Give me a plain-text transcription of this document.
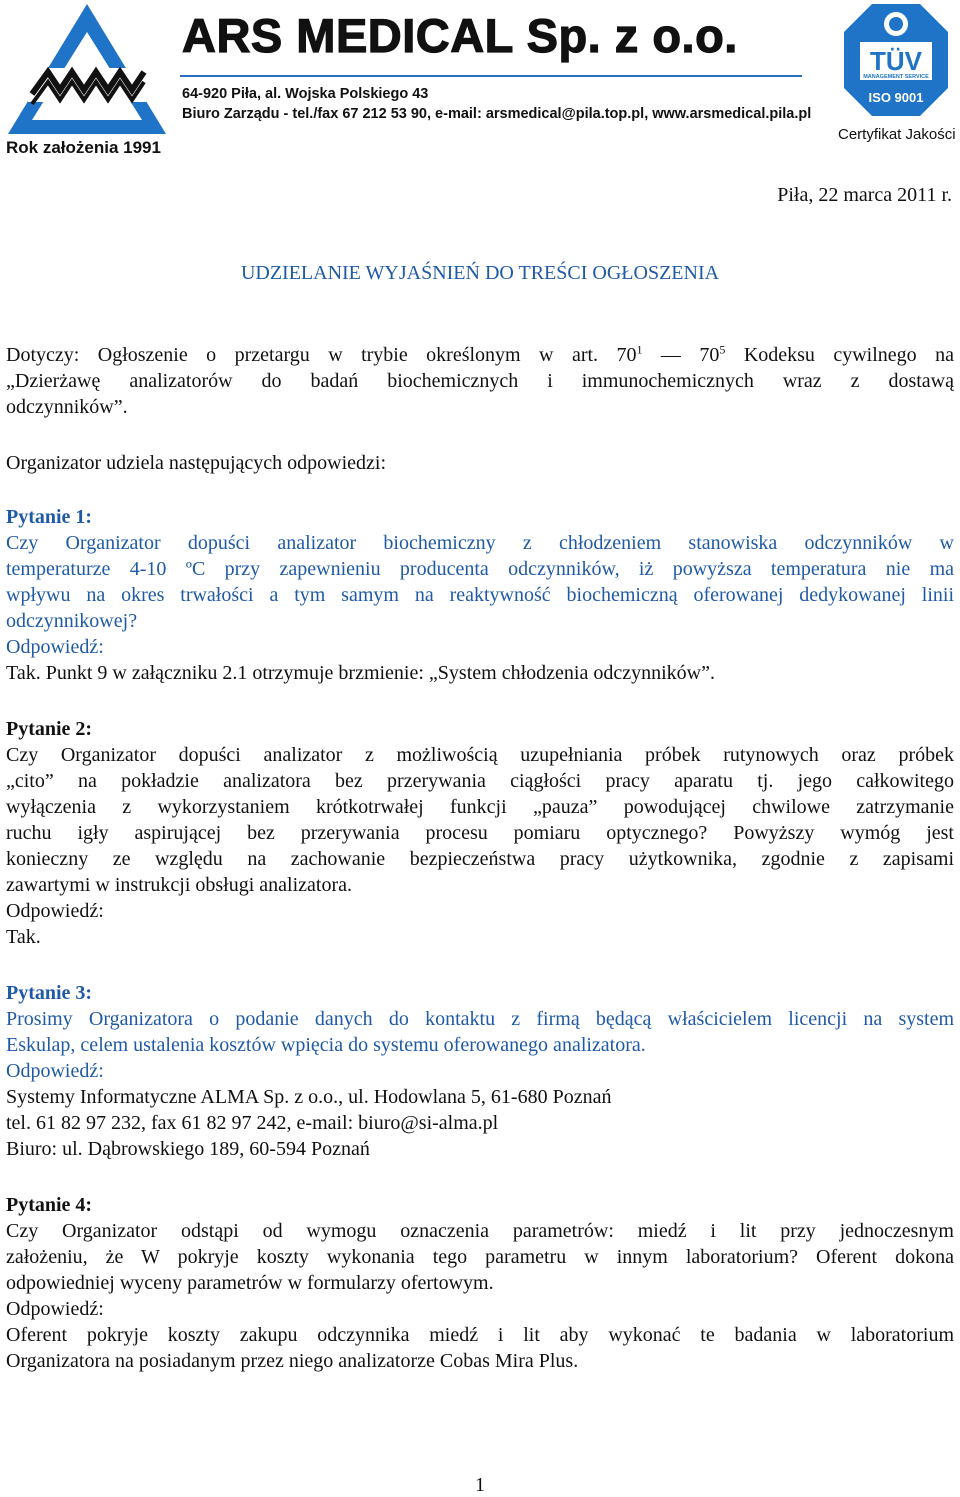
Rok założenia 1991
ARS MEDICAL Sp. z o.o.
64-920 Piła, al. Wojska Polskiego 43
Biuro Zarządu - tel./fax 67 212 53 90, e-mail: arsmedical@pila.top.pl, www.arsmedical.pila.pl
TÜV
MANAGEMENT SERVICE
ISO 9001
Certyfikat Jakości
Piła, 22 marca 2011 r.
UDZIELANIE WYJAŚNIEŃ DO TREŚCI OGŁOSZENIA
Dotyczy: Ogłoszenie o przetargu w trybie określonym w art. $70^1$ — $70^5$ Kodeksu cywilnego na
„Dzierżawę analizatorów do badań biochemicznych i immunochemicznych wraz z dostawą
odczynników”.
Organizator udziela następujących odpowiedzi:
Pytanie 1:
Czy Organizator dopuści analizator biochemiczny z chłodzeniem stanowiska odczynników w
temperaturze 4-10 ºC przy zapewnieniu producenta odczynników, iż powyższa temperatura nie ma
wpływu na okres trwałości a tym samym na reaktywność biochemiczną oferowanej dedykowanej linii
odczynnikowej?
Odpowiedź:
Tak. Punkt 9 w załączniku 2.1 otrzymuje brzmienie: „System chłodzenia odczynników”.
Pytanie 2:
Czy Organizator dopuści analizator z możliwością uzupełniania próbek rutynowych oraz próbek
„cito” na pokładzie analizatora bez przerywania ciągłości pracy aparatu tj. jego całkowitego
wyłączenia z wykorzystaniem krótkotrwałej funkcji „pauza” powodującej chwilowe zatrzymanie
ruchu igły aspirującej bez przerywania procesu pomiaru optycznego? Powyższy wymóg jest
konieczny ze względu na zachowanie bezpieczeństwa pracy użytkownika, zgodnie z zapisami
zawartymi w instrukcji obsługi analizatora.
Odpowiedź:
Tak.
Pytanie 3:
Prosimy Organizatora o podanie danych do kontaktu z firmą będącą właścicielem licencji na system
Eskulap, celem ustalenia kosztów wpięcia do systemu oferowanego analizatora.
Odpowiedź:
Systemy Informatyczne ALMA Sp. z o.o., ul. Hodowlana 5, 61-680 Poznań
tel. 61 82 97 232, fax 61 82 97 242, e-mail: biuro@si-alma.pl
Biuro: ul. Dąbrowskiego 189, 60-594 Poznań
Pytanie 4:
Czy Organizator odstąpi od wymogu oznaczenia parametrów: miedź i lit przy jednoczesnym
założeniu, że W pokryje koszty wykonania tego parametru w innym laboratorium? Oferent dokona
odpowiedniej wyceny parametrów w formularzy ofertowym.
Odpowiedź:
Oferent pokryje koszty zakupu odczynnika miedź i lit aby wykonać te badania w laboratorium
Organizatora na posiadanym przez niego analizatorze Cobas Mira Plus.
1
